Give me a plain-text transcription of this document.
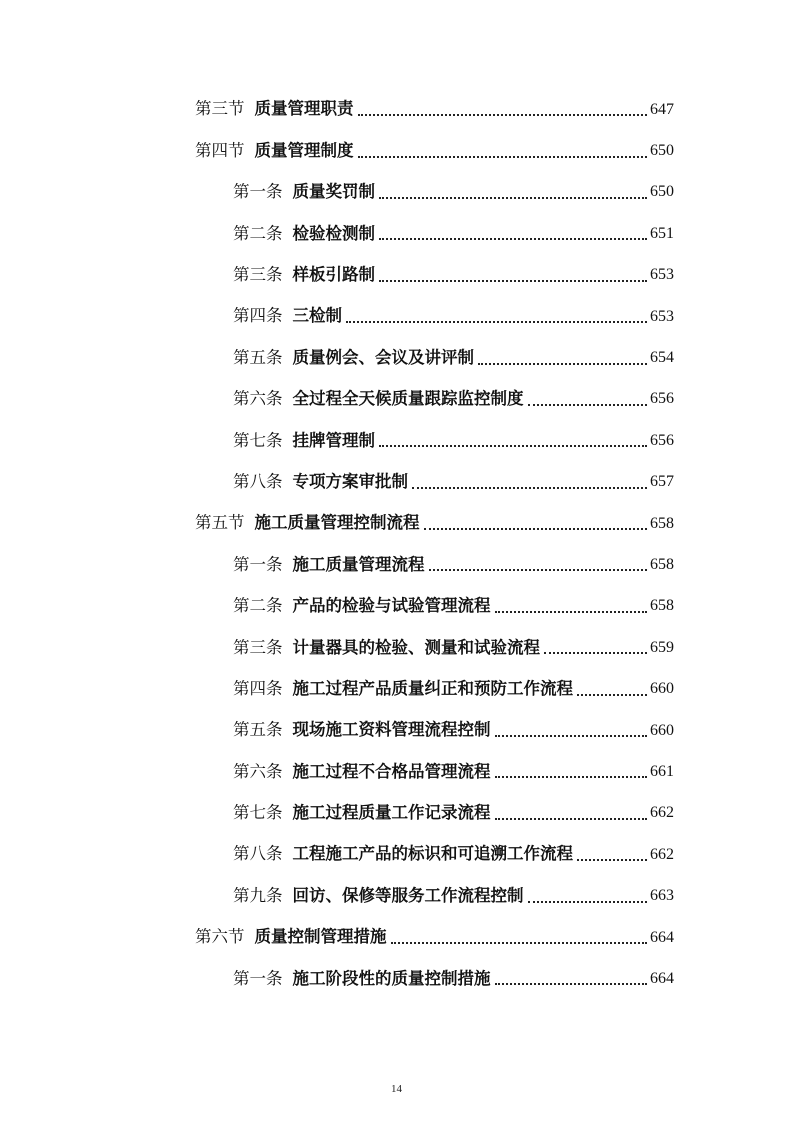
第三节 质量管理职责	647
第四节 质量管理制度	650
第一条 质量奖罚制	650
第二条 检验检测制	651
第三条 样板引路制	653
第四条 三检制	653
第五条 质量例会、会议及讲评制	654
第六条 全过程全天候质量跟踪监控制度	656
第七条 挂牌管理制	656
第八条 专项方案审批制	657
第五节 施工质量管理控制流程	658
第一条 施工质量管理流程	658
第二条 产品的检验与试验管理流程	658
第三条 计量器具的检验、测量和试验流程	659
第四条 施工过程产品质量纠正和预防工作流程	660
第五条 现场施工资料管理流程控制	660
第六条 施工过程不合格品管理流程	661
第七条 施工过程质量工作记录流程	662
第八条 工程施工产品的标识和可追溯工作流程	662
第九条 回访、保修等服务工作流程控制	663
第六节 质量控制管理措施	664
第一条 施工阶段性的质量控制措施	664
14
